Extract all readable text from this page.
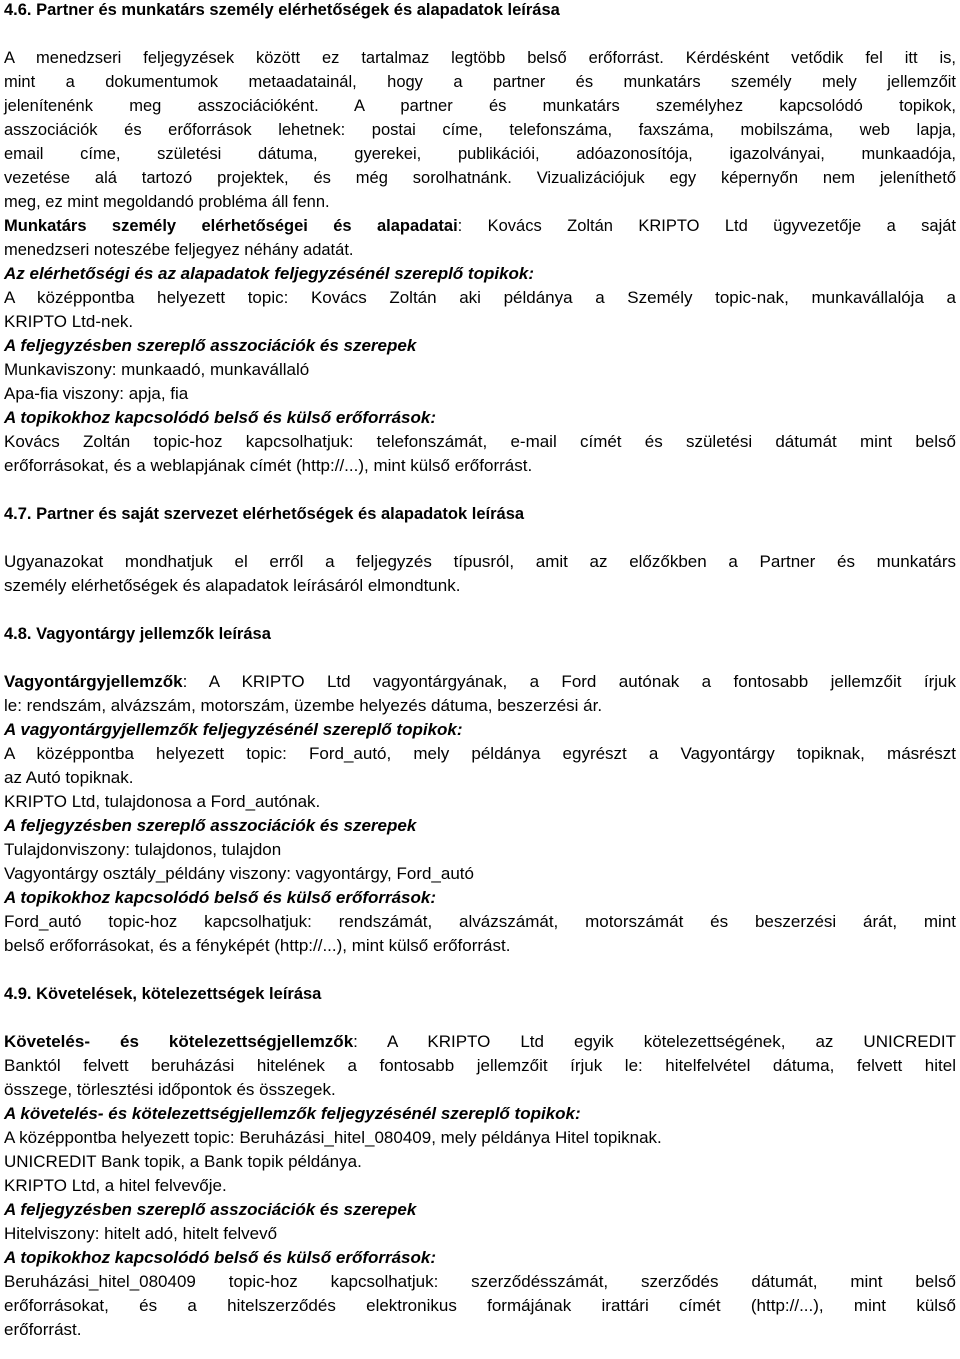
4.6. Partner és munkatárs személy elérhetőségek és alapadatok leírása
A menedzseri feljegyzések között ez tartalmaz legtöbb belső erőforrást. Kérdésként vetődik fel itt is,
mint a dokumentumok metaadatainál, hogy a partner és munkatárs személy mely jellemzőit
jelenítenénk meg asszociációként. A partner és munkatárs személyhez kapcsolódó topikok,
asszociációk és erőforrások lehetnek: postai címe, telefonszáma, faxszáma, mobilszáma, web lapja,
email címe, születési dátuma, gyerekei, publikációi, adóazonosítója, igazolványai, munkaadója,
vezetése alá tartozó projektek, és még sorolhatnánk. Vizualizációjuk egy képernyőn nem jeleníthető
meg, ez mint megoldandó probléma áll fenn.
Munkatárs személy elérhetőségei és alapadatai: Kovács Zoltán KRIPTO Ltd ügyvezetője a saját
menedzseri noteszébe feljegyez néhány adatát.
Az elérhetőségi és az alapadatok feljegyzésénél szereplő topikok:
A középpontba helyezett topic: Kovács Zoltán aki példánya a Személy topic-nak, munkavállalója a
KRIPTO Ltd-nek.
A feljegyzésben szereplő asszociációk és szerepek
Munkaviszony: munkaadó, munkavállaló
Apa-fia viszony: apja, fia
A topikokhoz kapcsolódó belső és külső erőforrások:
Kovács Zoltán topic-hoz kapcsolhatjuk: telefonszámát, e-mail címét és születési dátumát mint belső
erőforrásokat, és a weblapjának címét (http://...), mint külső erőforrást.
4.7. Partner és saját szervezet elérhetőségek és alapadatok leírása
Ugyanazokat mondhatjuk el erről a feljegyzés típusról, amit az előzőkben a Partner és munkatárs
személy elérhetőségek és alapadatok leírásáról elmondtunk.
4.8. Vagyontárgy jellemzők leírása
Vagyontárgyjellemzők: A KRIPTO Ltd vagyontárgyának, a Ford autónak a fontosabb jellemzőit írjuk
le: rendszám, alvázszám, motorszám, üzembe helyezés dátuma, beszerzési ár.
A vagyontárgyjellemzők feljegyzésénél szereplő topikok:
A középpontba helyezett topic: Ford_autó, mely példánya egyrészt a Vagyontárgy topiknak, másrészt
az Autó topiknak.
KRIPTO Ltd, tulajdonosa a Ford_autónak.
A feljegyzésben szereplő asszociációk és szerepek
Tulajdonviszony: tulajdonos, tulajdon
Vagyontárgy osztály_példány viszony: vagyontárgy, Ford_autó
A topikokhoz kapcsolódó belső és külső erőforrások:
Ford_autó topic-hoz kapcsolhatjuk: rendszámát, alvázszámát, motorszámát és beszerzési árát, mint
belső erőforrásokat, és a fényképét (http://...), mint külső erőforrást.
4.9. Követelések, kötelezettségek leírása
Követelés- és kötelezettségjellemzők: A KRIPTO Ltd egyik kötelezettségének, az UNICREDIT
Banktól felvett beruházási hitelének a fontosabb jellemzőit írjuk le: hitelfelvétel dátuma, felvett hitel
összege, törlesztési időpontok és összegek.
A követelés- és kötelezettségjellemzők feljegyzésénél szereplő topikok:
A középpontba helyezett topic: Beruházási_hitel_080409, mely példánya Hitel topiknak.
UNICREDIT Bank topik, a Bank topik példánya.
KRIPTO Ltd, a hitel felvevője.
A feljegyzésben szereplő asszociációk és szerepek
Hitelviszony: hitelt adó, hitelt felvevő
A topikokhoz kapcsolódó belső és külső erőforrások:
Beruházási_hitel_080409 topic-hoz kapcsolhatjuk: szerződésszámát, szerződés dátumát, mint belső
erőforrásokat, és a hitelszerződés elektronikus formájának irattári címét (http://...), mint külső
erőforrást.
